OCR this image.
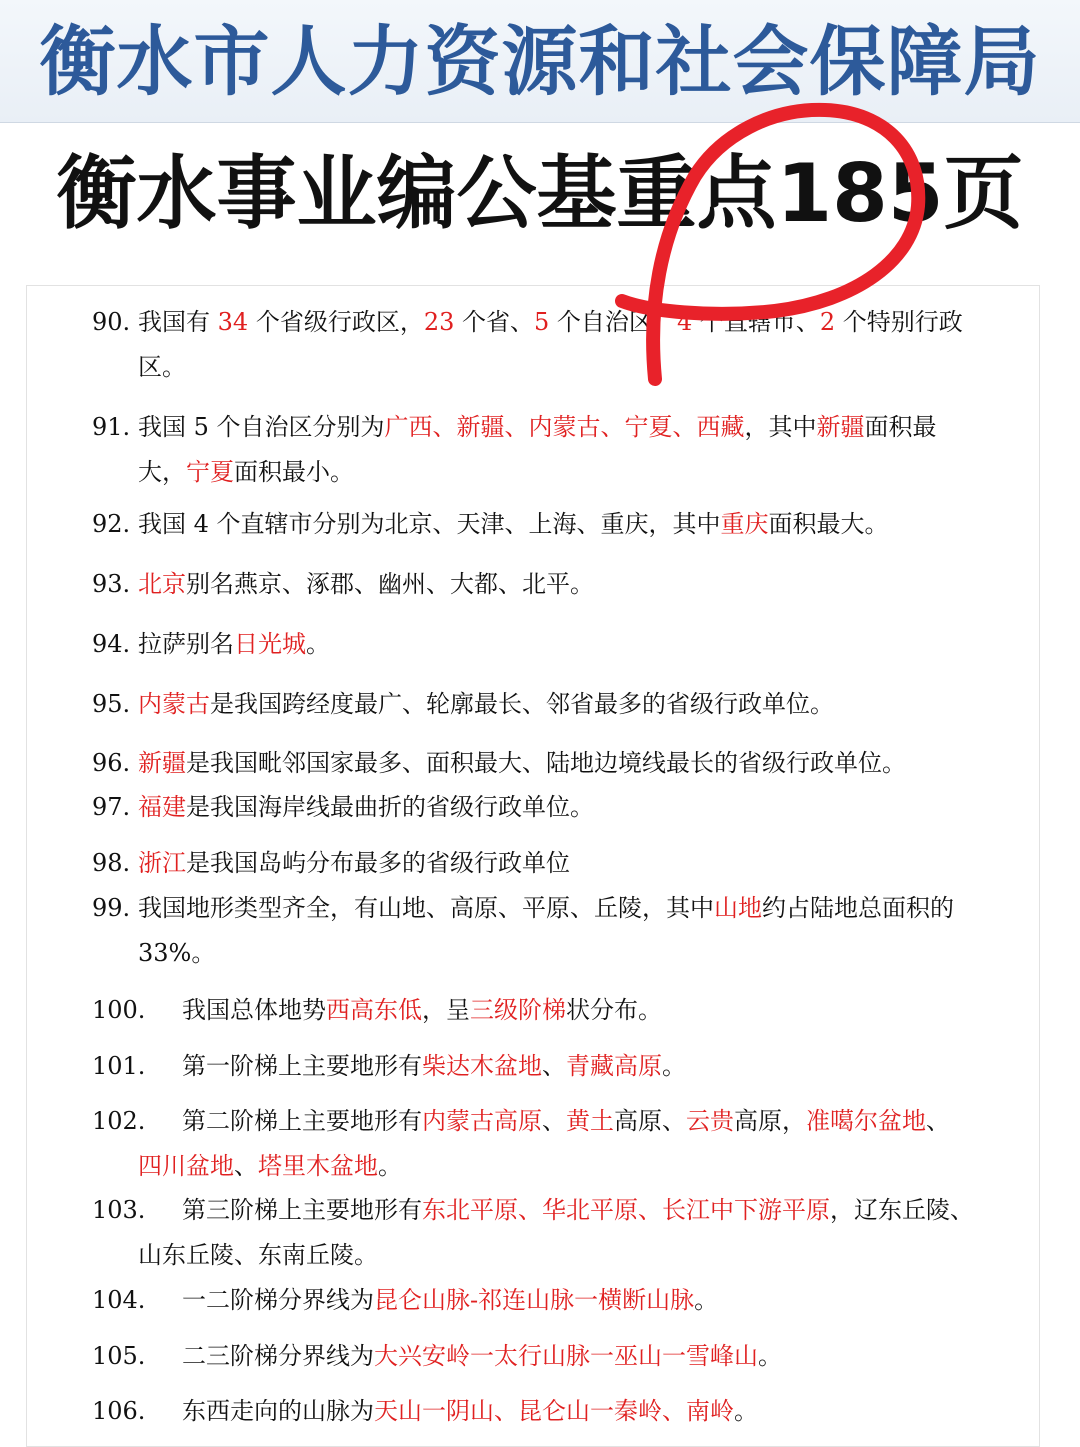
衡水市人力资源和社会保障局
衡水事业编公基重点185页
90. 我国有 34 个省级行政区，23 个省、5 个自治区、4 个直辖市、2 个特别行政
区。
91. 我国 5 个自治区分别为广西、新疆、内蒙古、宁夏、西藏，其中新疆面积最
大，宁夏面积最小。
92. 我国 4 个直辖市分别为北京、天津、上海、重庆，其中重庆面积最大。
93. 北京别名燕京、涿郡、幽州、大都、北平。
94. 拉萨别名日光城。
95. 内蒙古是我国跨经度最广、轮廓最长、邻省最多的省级行政单位。
96. 新疆是我国毗邻国家最多、面积最大、陆地边境线最长的省级行政单位。
97. 福建是我国海岸线最曲折的省级行政单位。
98. 浙江是我国岛屿分布最多的省级行政单位
99. 我国地形类型齐全，有山地、高原、平原、丘陵，其中山地约占陆地总面积的
33%。
100.	我国总体地势西高东低，呈三级阶梯状分布。
101.	第一阶梯上主要地形有柴达木盆地、青藏高原。
102.	第二阶梯上主要地形有内蒙古高原、黄土高原、云贵高原，准噶尔盆地、
四川盆地、塔里木盆地。
103.	第三阶梯上主要地形有东北平原、华北平原、长江中下游平原，辽东丘陵、
山东丘陵、东南丘陵。
104.	一二阶梯分界线为昆仑山脉-祁连山脉一横断山脉。
105.	二三阶梯分界线为大兴安岭一太行山脉一巫山一雪峰山。
106.	东西走向的山脉为天山一阴山、昆仑山一秦岭、南岭。
